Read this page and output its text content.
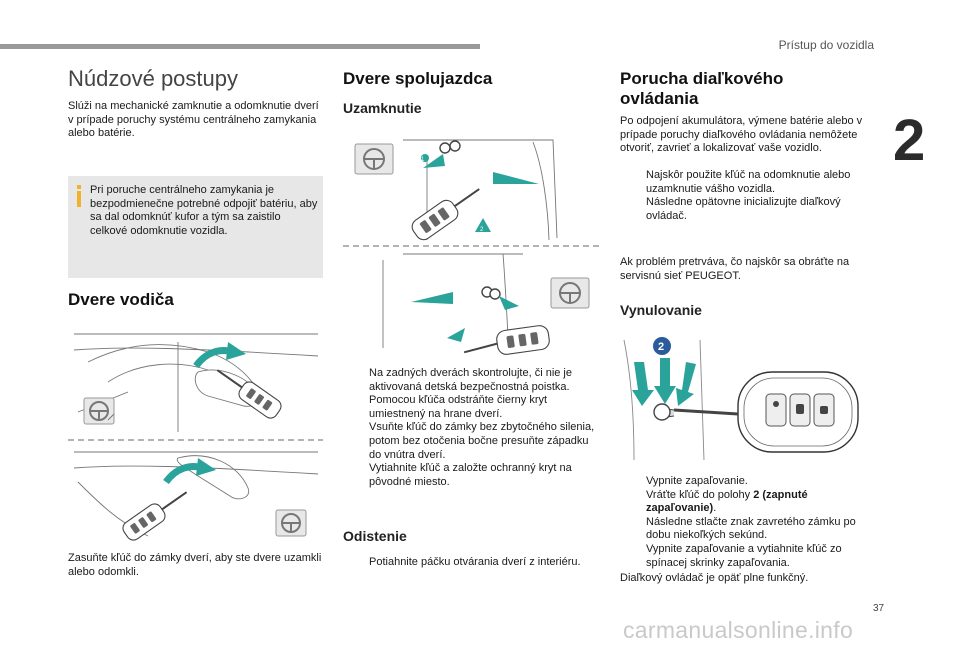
Prístup do vozidla
2
37
carmanualsonline.info
Núdzové postupy

Slúži na mechanické zamknutie a odomknutie dverí v prípade poruchy systému centrálneho zamykania alebo batérie.

Pri poruche centrálneho zamykania je bezpodmienečne potrebné odpojiť batériu, aby sa dal odomknúť kufor a tým sa zaistilo celkové odomknutie vozidla.
Dvere vodiča

Zasuňte kľúč do zámky dverí, aby ste dvere uzamkli alebo odomkli.

Dvere spolujazdca
Uzamknutie
1
2
Na zadných dverách skontrolujte, či nie je aktivovaná detská bezpečnostná poistka.
Pomocou kľúča odstráňte čierny kryt umiestnený na hrane dverí.
Vsuňte kľúč do zámky bez zbytočného silenia, potom bez otočenia bočne presuňte západku do vnútra dverí.
Vytiahnite kľúč a založte ochranný kryt na pôvodné miesto.
Odistenie
Potiahnite páčku otvárania dverí z interiéru.
Porucha diaľkového ovládania

Po odpojení akumulátora, výmene batérie alebo v prípade poruchy diaľkového ovládania nemôžete otvoriť, zavrieť a lokalizovať vaše vozidlo.

Najskôr použite kľúč na odomknutie alebo uzamknutie vášho vozidla.
Následne opätovne inicializujte diaľkový ovládač.

Ak problém pretrváva, čo najskôr sa obráťte na servisnú sieť PEUGEOT.

Vynulovanie
2
Vypnite zapaľovanie.
Vráťte kľúč do polohy 2 (zapnuté zapaľovanie).
Následne stlačte znak zavretého zámku po dobu niekoľkých sekúnd.
Vypnite zapaľovanie a vytiahnite kľúč zo spínacej skrinky zapaľovania.

Diaľkový ovládač je opäť plne funkčný.
